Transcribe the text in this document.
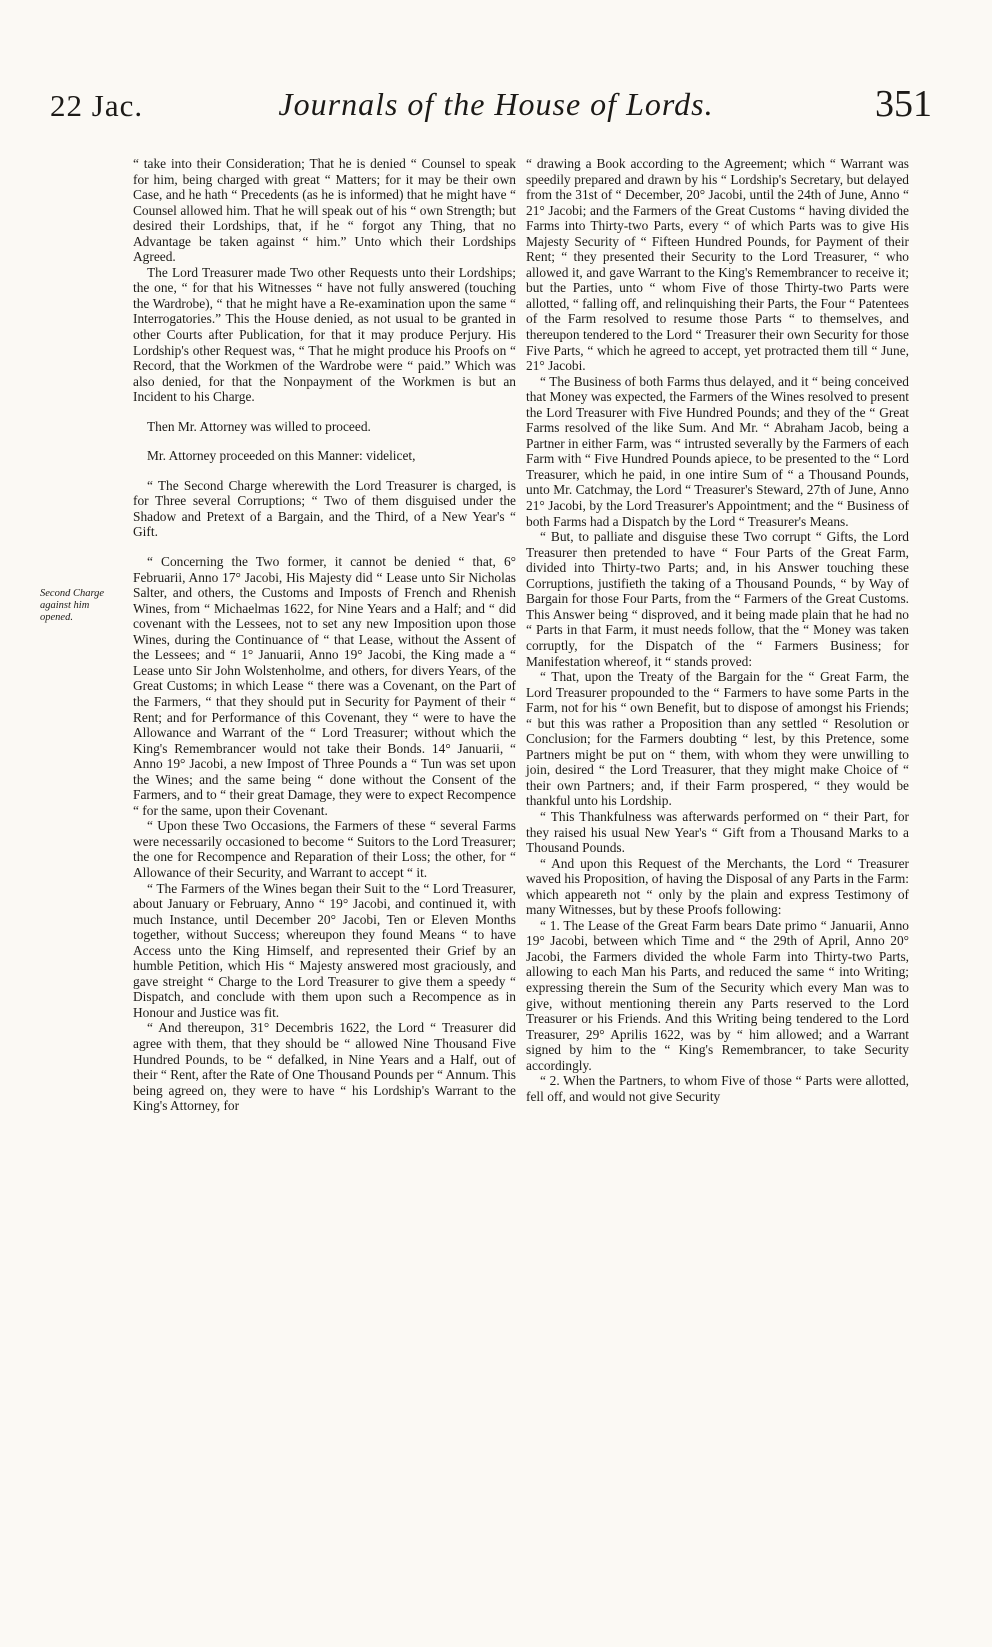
22 Jac.	Journals of the House of Lords.	351
Second Charge against him opened.

“ take into their Consideration; That he is denied “ Counsel to speak for him, being charged with great “ Matters; for it may be their own Case, and he hath “ Precedents (as he is informed) that he might have “ Counsel allowed him. That he will speak out of his “ own Strength; but desired their Lordships, that, if he “ forgot any Thing, that no Advantage be taken against “ him.” Unto which their Lordships Agreed.

The Lord Treasurer made Two other Requests unto their Lordships; the one, “ for that his Witnesses “ have not fully answered (touching the Wardrobe), “ that he might have a Re-examination upon the same “ Interrogatories.” This the House denied, as not usual to be granted in other Courts after Publication, for that it may produce Perjury. His Lordship's other Request was, “ That he might produce his Proofs on “ Record, that the Workmen of the Wardrobe were “ paid.” Which was also denied, for that the Nonpayment of the Workmen is but an Incident to his Charge.

Then Mr. Attorney was willed to proceed.

Mr. Attorney proceeded on this Manner: videlicet,

“ The Second Charge wherewith the Lord Treasurer is charged, is for Three several Corruptions; “ Two of them disguised under the Shadow and Pretext of a Bargain, and the Third, of a New Year's “ Gift.

“ Concerning the Two former, it cannot be denied “ that, 6° Februarii, Anno 17° Jacobi, His Majesty did “ Lease unto Sir Nicholas Salter, and others, the Customs and Imposts of French and Rhenish Wines, from “ Michaelmas 1622, for Nine Years and a Half; and “ did covenant with the Lessees, not to set any new Imposition upon those Wines, during the Continuance of “ that Lease, without the Assent of the Lessees; and “ 1° Januarii, Anno 19° Jacobi, the King made a “ Lease unto Sir John Wolstenholme, and others, for divers Years, of the Great Customs; in which Lease “ there was a Covenant, on the Part of the Farmers, “ that they should put in Security for Payment of their “ Rent; and for Performance of this Covenant, they “ were to have the Allowance and Warrant of the “ Lord Treasurer; without which the King's Remembrancer would not take their Bonds. 14° Januarii, “ Anno 19° Jacobi, a new Impost of Three Pounds a “ Tun was set upon the Wines; and the same being “ done without the Consent of the Farmers, and to “ their great Damage, they were to expect Recompence “ for the same, upon their Covenant.

“ Upon these Two Occasions, the Farmers of these “ several Farms were necessarily occasioned to become “ Suitors to the Lord Treasurer; the one for Recompence and Reparation of their Loss; the other, for “ Allowance of their Security, and Warrant to accept “ it.

“ The Farmers of the Wines began their Suit to the “ Lord Treasurer, about January or February, Anno “ 19° Jacobi, and continued it, with much Instance, until December 20° Jacobi, Ten or Eleven Months together, without Success; whereupon they found Means “ to have Access unto the King Himself, and represented their Grief by an humble Petition, which His “ Majesty answered most graciously, and gave streight “ Charge to the Lord Treasurer to give them a speedy “ Dispatch, and conclude with them upon such a Recompence as in Honour and Justice was fit.

“ And thereupon, 31° Decembris 1622, the Lord “ Treasurer did agree with them, that they should be “ allowed Nine Thousand Five Hundred Pounds, to be “ defalked, in Nine Years and a Half, out of their “ Rent, after the Rate of One Thousand Pounds per “ Annum. This being agreed on, they were to have “ his Lordship's Warrant to the King's Attorney, for

“ drawing a Book according to the Agreement; which “ Warrant was speedily prepared and drawn by his “ Lordship's Secretary, but delayed from the 31st of “ December, 20° Jacobi, until the 24th of June, Anno “ 21° Jacobi; and the Farmers of the Great Customs “ having divided the Farms into Thirty-two Parts, every “ of which Parts was to give His Majesty Security of “ Fifteen Hundred Pounds, for Payment of their Rent; “ they presented their Security to the Lord Treasurer, “ who allowed it, and gave Warrant to the King's Remembrancer to receive it; but the Parties, unto “ whom Five of those Thirty-two Parts were allotted, “ falling off, and relinquishing their Parts, the Four “ Patentees of the Farm resolved to resume those Parts “ to themselves, and thereupon tendered to the Lord “ Treasurer their own Security for those Five Parts, “ which he agreed to accept, yet protracted them till “ June, 21° Jacobi.

“ The Business of both Farms thus delayed, and it “ being conceived that Money was expected, the Farmers of the Wines resolved to present the Lord Treasurer with Five Hundred Pounds; and they of the “ Great Farms resolved of the like Sum. And Mr. “ Abraham Jacob, being a Partner in either Farm, was “ intrusted severally by the Farmers of each Farm with “ Five Hundred Pounds apiece, to be presented to the “ Lord Treasurer, which he paid, in one intire Sum of “ a Thousand Pounds, unto Mr. Catchmay, the Lord “ Treasurer's Steward, 27th of June, Anno 21° Jacobi, by the Lord Treasurer's Appointment; and the “ Business of both Farms had a Dispatch by the Lord “ Treasurer's Means.

“ But, to palliate and disguise these Two corrupt “ Gifts, the Lord Treasurer then pretended to have “ Four Parts of the Great Farm, divided into Thirty-two Parts; and, in his Answer touching these Corruptions, justifieth the taking of a Thousand Pounds, “ by Way of Bargain for those Four Parts, from the “ Farmers of the Great Customs. This Answer being “ disproved, and it being made plain that he had no “ Parts in that Farm, it must needs follow, that the “ Money was taken corruptly, for the Dispatch of the “ Farmers Business; for Manifestation whereof, it “ stands proved:

“ That, upon the Treaty of the Bargain for the “ Great Farm, the Lord Treasurer propounded to the “ Farmers to have some Parts in the Farm, not for his “ own Benefit, but to dispose of amongst his Friends; “ but this was rather a Proposition than any settled “ Resolution or Conclusion; for the Farmers doubting “ lest, by this Pretence, some Partners might be put on “ them, with whom they were unwilling to join, desired “ the Lord Treasurer, that they might make Choice of “ their own Partners; and, if their Farm prospered, “ they would be thankful unto his Lordship.

“ This Thankfulness was afterwards performed on “ their Part, for they raised his usual New Year's “ Gift from a Thousand Marks to a Thousand Pounds.

“ And upon this Request of the Merchants, the Lord “ Treasurer waved his Proposition, of having the Disposal of any Parts in the Farm: which appeareth not “ only by the plain and express Testimony of many Witnesses, but by these Proofs following:

“ 1. The Lease of the Great Farm bears Date primo “ Januarii, Anno 19° Jacobi, between which Time and “ the 29th of April, Anno 20° Jacobi, the Farmers divided the whole Farm into Thirty-two Parts, allowing to each Man his Parts, and reduced the same “ into Writing; expressing therein the Sum of the Security which every Man was to give, without mentioning therein any Parts reserved to the Lord Treasurer or his Friends. And this Writing being tendered to the Lord Treasurer, 29° Aprilis 1622, was by “ him allowed; and a Warrant signed by him to the “ King's Remembrancer, to take Security accordingly.

“ 2. When the Partners, to whom Five of those “ Parts were allotted, fell off, and would not give Security
